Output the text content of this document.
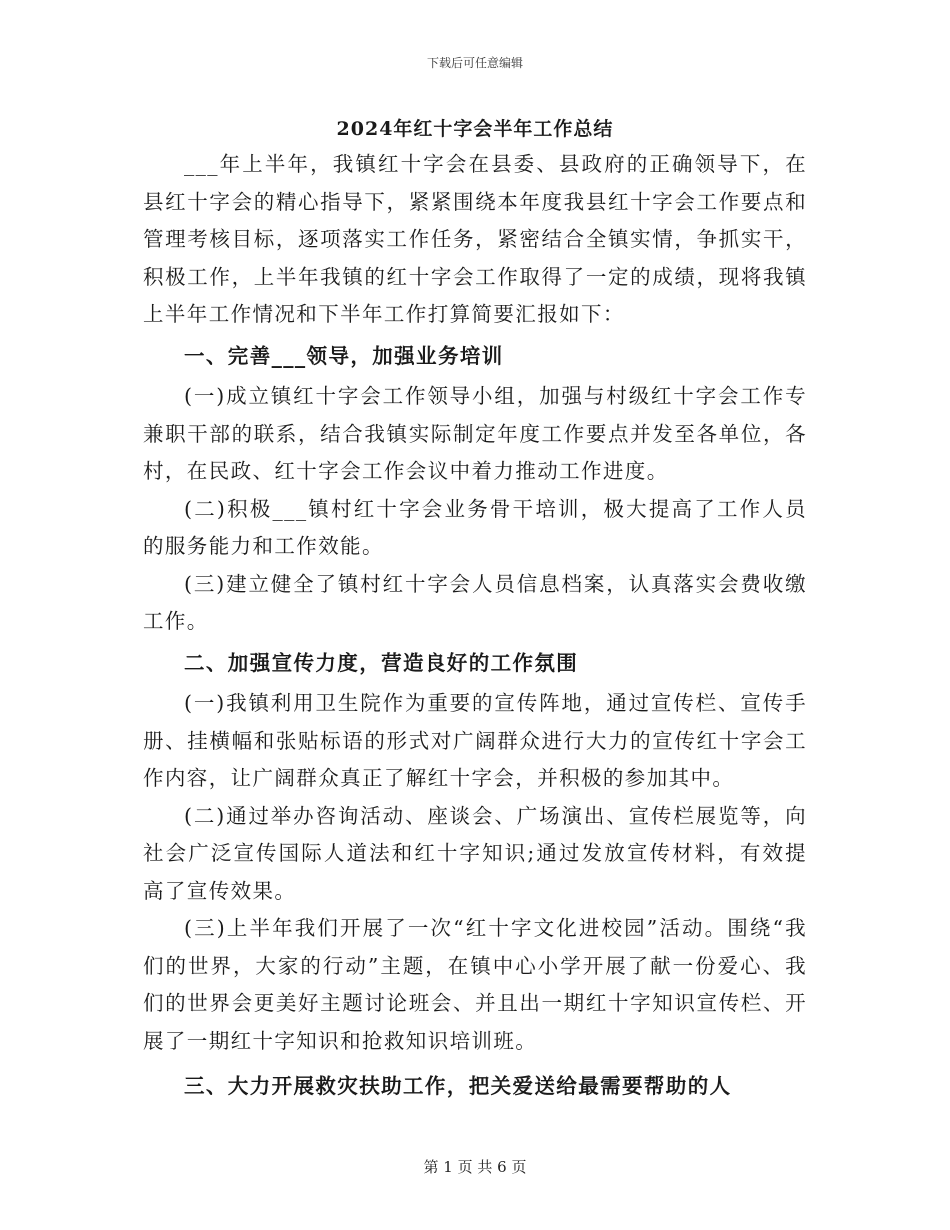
下载后可任意编辑
2024年红十字会半年工作总结

___年上半年，我镇红十字会在县委、县政府的正确领导下，在县红十字会的精心指导下，紧紧围绕本年度我县红十字会工作要点和管理考核目标，逐项落实工作任务，紧密结合全镇实情，争抓实干，积极工作，上半年我镇的红十字会工作取得了一定的成绩，现将我镇上半年工作情况和下半年工作打算简要汇报如下：

一、完善___领导，加强业务培训

(一)成立镇红十字会工作领导小组，加强与村级红十字会工作专兼职干部的联系，结合我镇实际制定年度工作要点并发至各单位，各村，在民政、红十字会工作会议中着力推动工作进度。

(二)积极___镇村红十字会业务骨干培训，极大提高了工作人员的服务能力和工作效能。

(三)建立健全了镇村红十字会人员信息档案，认真落实会费收缴工作。

二、加强宣传力度，营造良好的工作氛围

(一)我镇利用卫生院作为重要的宣传阵地，通过宣传栏、宣传手册、挂横幅和张贴标语的形式对广阔群众进行大力的宣传红十字会工作内容，让广阔群众真正了解红十字会，并积极的参加其中。

(二)通过举办咨询活动、座谈会、广场演出、宣传栏展览等，向社会广泛宣传国际人道法和红十字知识;通过发放宣传材料，有效提高了宣传效果。

(三)上半年我们开展了一次“红十字文化进校园”活动。围绕“我们的世界，大家的行动”主题，在镇中心小学开展了献一份爱心、我们的世界会更美好主题讨论班会、并且出一期红十字知识宣传栏、开展了一期红十字知识和抢救知识培训班。

三、大力开展救灾扶助工作，把关爱送给最需要帮助的人
第 1 页 共 6 页
